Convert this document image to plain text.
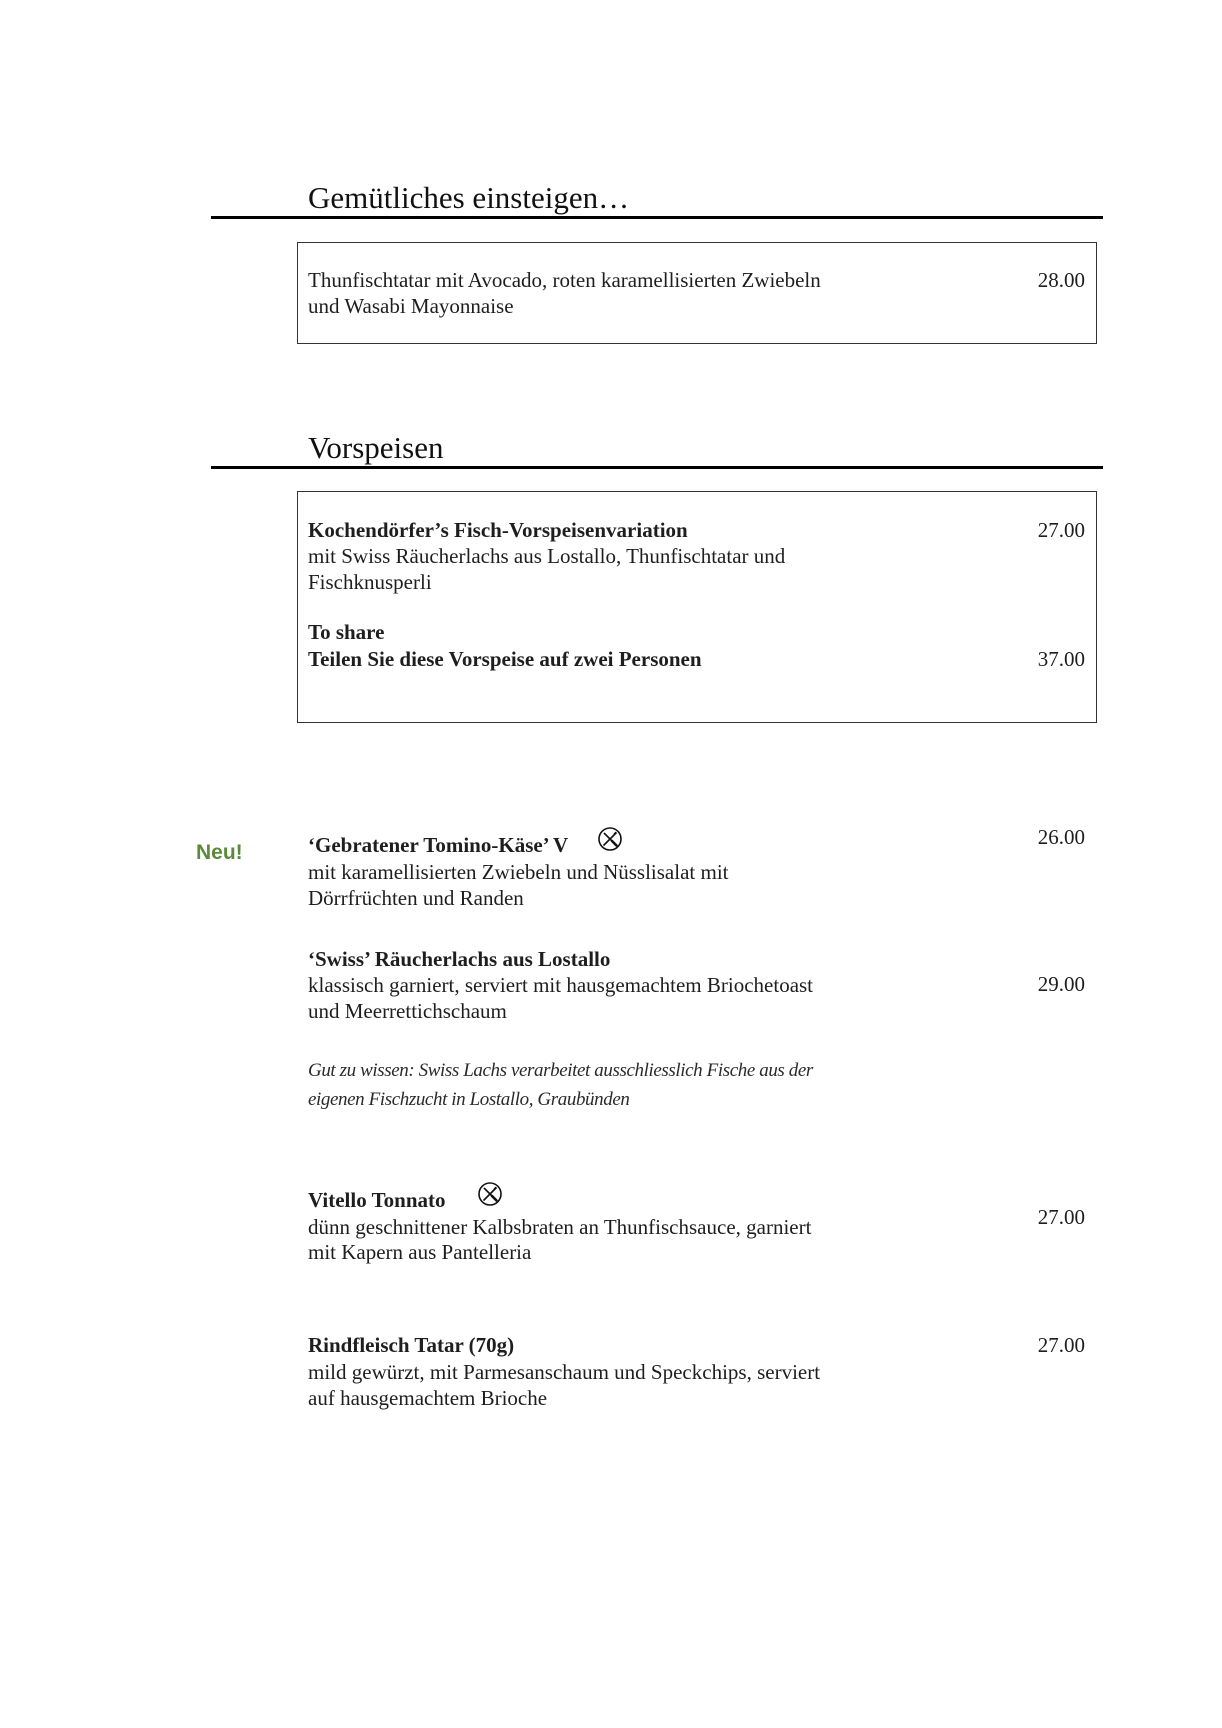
Gemütliches einsteigen…
Thunfischtatar mit Avocado, roten karamellisierten Zwiebeln
und Wasabi Mayonnaise
28.00
Vorspeisen
Kochendörfer’s Fisch-Vorspeisenvariation	27.00
mit Swiss Räucherlachs aus Lostallo, Thunfischtatar und
Fischknusperli
To share
Teilen Sie diese Vorspeise auf zwei Personen	37.00
Neu!	‘Gebratener Tomino-Käse’ V	26.00
mit karamellisierten Zwiebeln und Nüsslisalat mit
Dörrfrüchten und Randen
‘Swiss’ Räucherlachs aus Lostallo
klassisch garniert, serviert mit hausgemachtem Briochetoast
und Meerrettichschaum
29.00
Gut zu wissen: Swiss Lachs verarbeitet ausschliesslich Fische aus der
eigenen Fischzucht in Lostallo, Graubünden
Vitello Tonnato
dünn geschnittener Kalbsbraten an Thunfischsauce, garniert
mit Kapern aus Pantelleria
27.00
Rindfleisch Tatar (70g)	27.00
mild gewürzt, mit Parmesanschaum und Speckchips, serviert
auf hausgemachtem Brioche
